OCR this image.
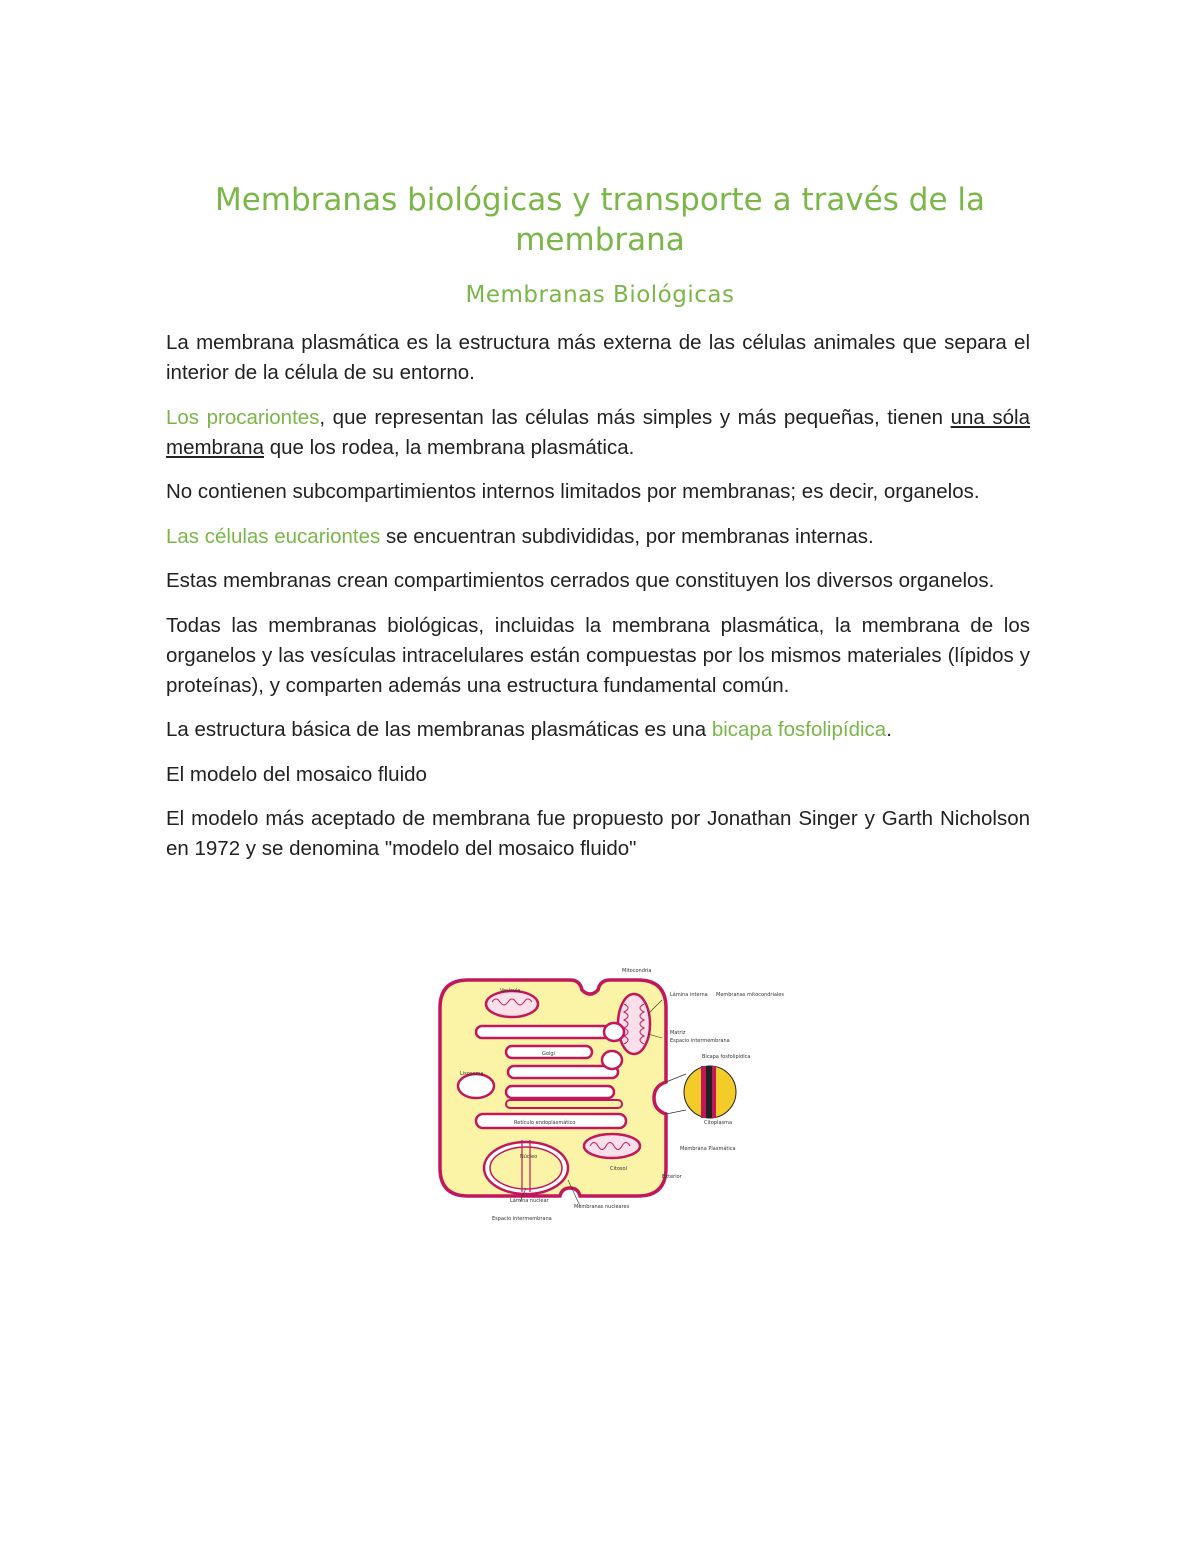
Membranas biológicas y transporte a través de la membrana
Membranas Biológicas

La membrana plasmática es la estructura más externa de las células animales que separa el interior de la célula de su entorno.

Los procariontes, que representan las células más simples y más pequeñas, tienen una sóla membrana que los rodea, la membrana plasmática.

No contienen subcompartimientos internos limitados por membranas; es decir, organelos.

Las células eucariontes se encuentran subdivididas, por membranas internas.

Estas membranas crean compartimientos cerrados que constituyen los diversos organelos.

Todas las membranas biológicas, incluidas la membrana plasmática, la membrana de los organelos y las vesículas intracelulares están compuestas por los mismos materiales (lípidos y proteínas), y comparten además una estructura fundamental común.

La estructura básica de las membranas plasmáticas es una bicapa fosfolipídica.

El modelo del mosaico fluido

El modelo más aceptado de membrana fue propuesto por Jonathan Singer y Garth Nicholson en 1972 y se denomina "modelo del mosaico fluido"

Mitocondria
Vesícula
Lámina interna Membranas mitocondriales
Matriz
Espacio intermembrana
Golgi
Lisosoma
Bicapa fosfolipídica
Retículo endoplasmático
Núcleo
Citoplasma
Citosol
Membrana Plasmática
Exterior
Lámina nuclear
Espacio intermembrana
Membranas nucleares
